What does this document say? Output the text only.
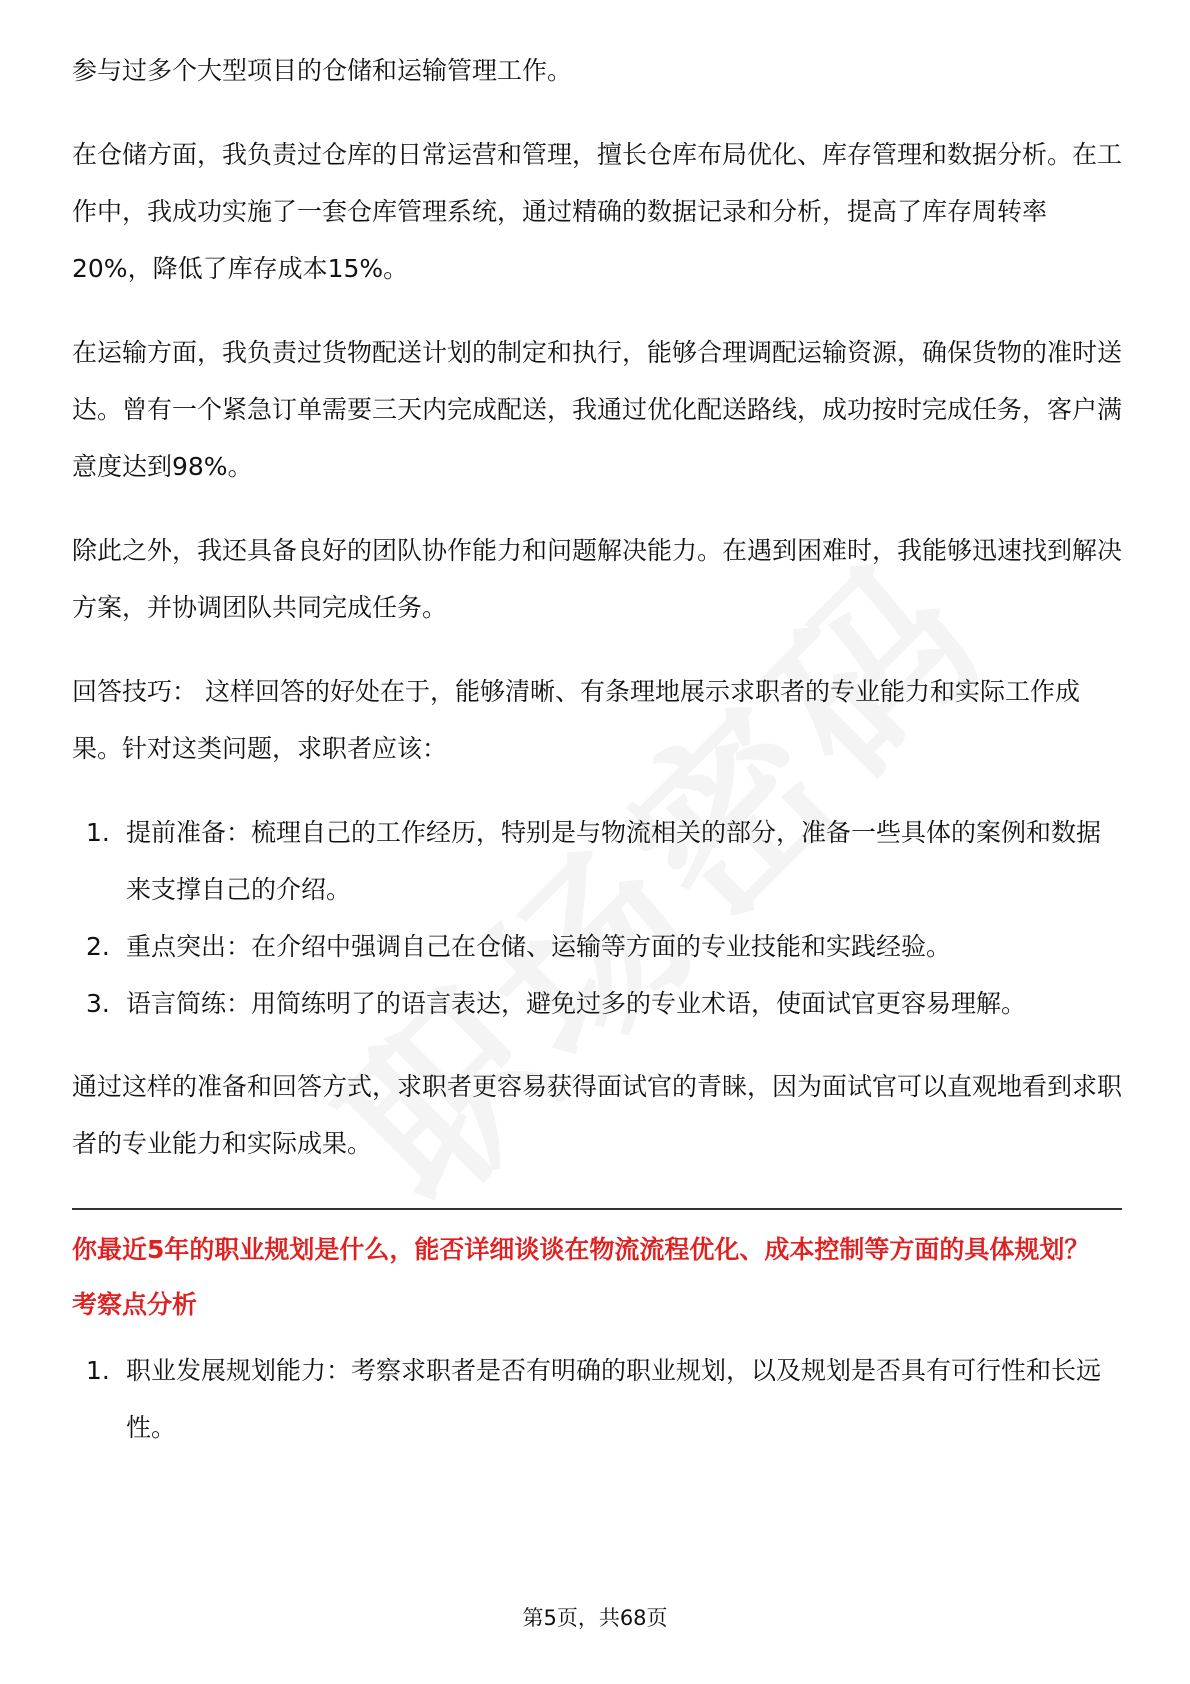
参与过多个大型项目的仓储和运输管理工作。

在仓储方面，我负责过仓库的日常运营和管理，擅长仓库布局优化、库存管理和数据分析。在工作中，我成功实施了一套仓库管理系统，通过精确的数据记录和分析，提高了库存周转率20%，降低了库存成本15%。

在运输方面，我负责过货物配送计划的制定和执行，能够合理调配运输资源，确保货物的准时送达。曾有一个紧急订单需要三天内完成配送，我通过优化配送路线，成功按时完成任务，客户满意度达到98%。

除此之外，我还具备良好的团队协作能力和问题解决能力。在遇到困难时，我能够迅速找到解决方案，并协调团队共同完成任务。

回答技巧： 这样回答的好处在于，能够清晰、有条理地展示求职者的专业能力和实际工作成果。针对这类问题，求职者应该：

1. 提前准备：梳理自己的工作经历，特别是与物流相关的部分，准备一些具体的案例和数据来支撑自己的介绍。
2. 重点突出：在介绍中强调自己在仓储、运输等方面的专业技能和实践经验。
3. 语言简练：用简练明了的语言表达，避免过多的专业术语，使面试官更容易理解。

通过这样的准备和回答方式，求职者更容易获得面试官的青睐，因为面试官可以直观地看到求职者的专业能力和实际成果。

你最近5年的职业规划是什么，能否详细谈谈在物流流程优化、成本控制等方面的具体规划？
考察点分析
1. 职业发展规划能力：考察求职者是否有明确的职业规划，以及规划是否具有可行性和长远性。
第5页，共68页
